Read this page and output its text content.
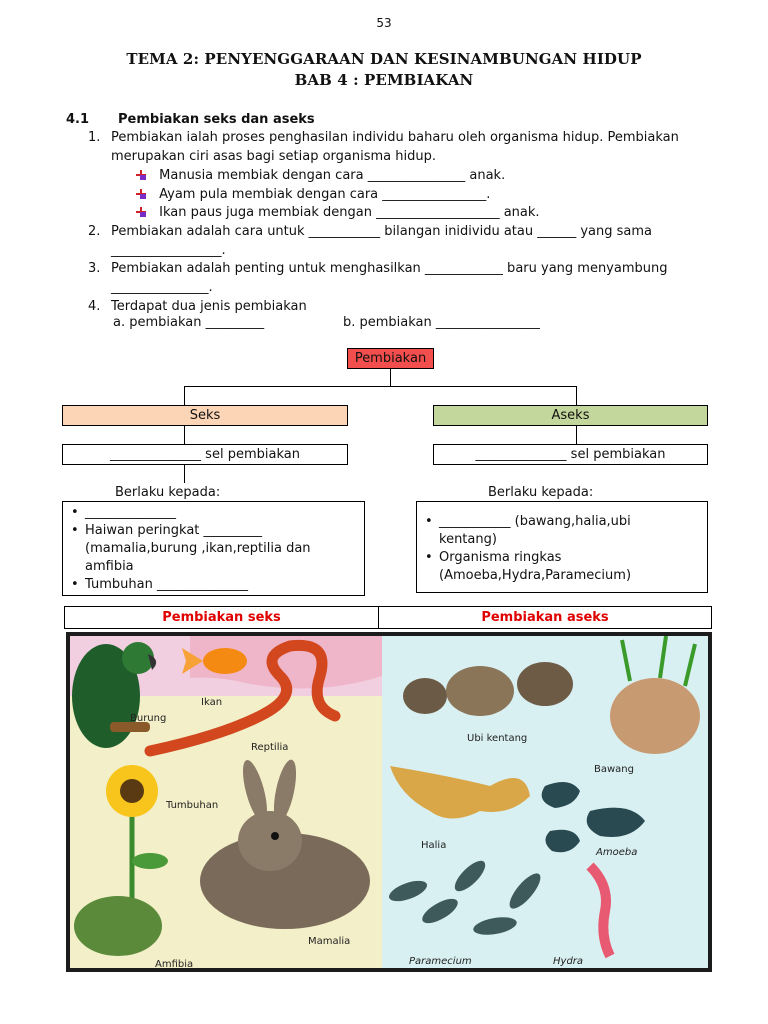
53
TEMA 2: PENYENGGARAAN DAN KESINAMBUNGAN HIDUP
BAB 4 : PEMBIAKAN
4.1 Pembiakan seks dan aseks
1. Pembiakan ialah proses penghasilan individu baharu oleh organisma hidup. Pembiakan
merupakan ciri asas bagi setiap organisma hidup.
Manusia membiak dengan cara _______________ anak.
Ayam pula membiak dengan cara ________________.
Ikan paus juga membiak dengan ___________________ anak.
2. Pembiakan adalah cara untuk ___________ bilangan inidividu atau ______ yang sama
_________________.
3. Pembiakan adalah penting untuk menghasilkan ____________ baru yang menyambung
_______________.
4. Terdapat dua jenis pembiakan
a. pembiakan _________	b. pembiakan ________________
Pembiakan
Seks	Aseks
______________ sel pembiakan	______________ sel pembiakan
Berlaku kepada:	Berlaku kepada:
• ______________
• Haiwan peringkat _________
(mamalia,burung ,ikan,reptilia dan
amfibia
• Tumbuhan ______________
• ___________ (bawang,halia,ubi
kentang)
• Organisma ringkas
(Amoeba,Hydra,Paramecium)
Pembiakan seks	Pembiakan aseks
Burung
Ikan
Reptilia
Tumbuhan
Mamalia
Amfibia
Ubi kentang
Bawang
Halia
Amoeba
Paramecium	Hydra
